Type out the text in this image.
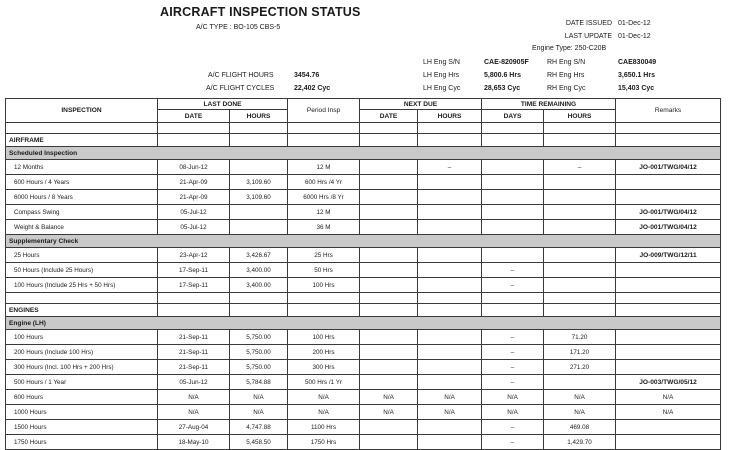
AIRCRAFT INSPECTION STATUS
A/C TYPE : BO-105 CBS-5
DATE ISSUED 01-Dec-12
LAST UPDATE 01-Dec-12
Engine Type: 250-C20B
LH Eng S/N	CAE-820905F	RH Eng S/N	CAE830049
A/C FLIGHT HOURS	3454.76	LH Eng Hrs	5,800.6 Hrs	RH Eng Hrs	3,650.1 Hrs
A/C FLIGHT CYCLES	22,402 Cyc	LH Eng Cyc	28,653 Cyc	RH Eng Cyc	15,403 Cyc
INSPECTION	LAST DONE		Period Insp	NEXT DUE		TIME REMAINING		Remarks
	DATE	HOURS		DATE	HOURS	DAYS	HOURS	

AIRFRAME								
Scheduled Inspection								
12 Months	08-Jun-12		12 M		–		–	JO-001/TWG/04/12
600 Hours / 4 Years	21-Apr-09	3,109.60	600 Hrs /4 Yr					
6000 Hours / 8 Years	21-Apr-09	3,109.60	6000 Hrs /8 Yr					
Compass Swing	05-Jul-12		12 M					JO-001/TWG/04/12
Weight & Balance	05-Jul-12		36 M					JO-001/TWG/04/12
Supplementary Check								
25 Hours	23-Apr-12	3,426.67	25 Hrs					JO-009/TWG/12/11
50 Hours (Include 25 Hours)	17-Sep-11	3,400.00	50 Hrs			–		
100 Hours (Include 25 Hrs + 50 Hrs)	17-Sep-11	3,400.00	100 Hrs			–		

ENGINES								
Engine (LH)								
100 Hours	21-Sep-11	5,750.00	100 Hrs			–	71.20	
200 Hours (Include 100 Hrs)	21-Sep-11	5,750.00	200 Hrs			–	171.20	
300 Hours (Incl. 100 Hrs + 200 Hrs)	21-Sep-11	5,750.00	300 Hrs			–	271.20	
500 Hours / 1 Year	05-Jun-12	5,784.88	500 Hrs /1 Yr			–		JO-003/TWG/05/12
600 Hours	N/A	N/A	N/A	N/A	N/A	N/A	N/A	N/A
1000 Hours	N/A	N/A	N/A	N/A	N/A	N/A	N/A	N/A
1500 Hours	27-Aug-04	4,747.88	1100 Hrs			–	469.08	
1750 Hours	18-May-10	5,458.50	1750 Hrs			–	1,429.70	
